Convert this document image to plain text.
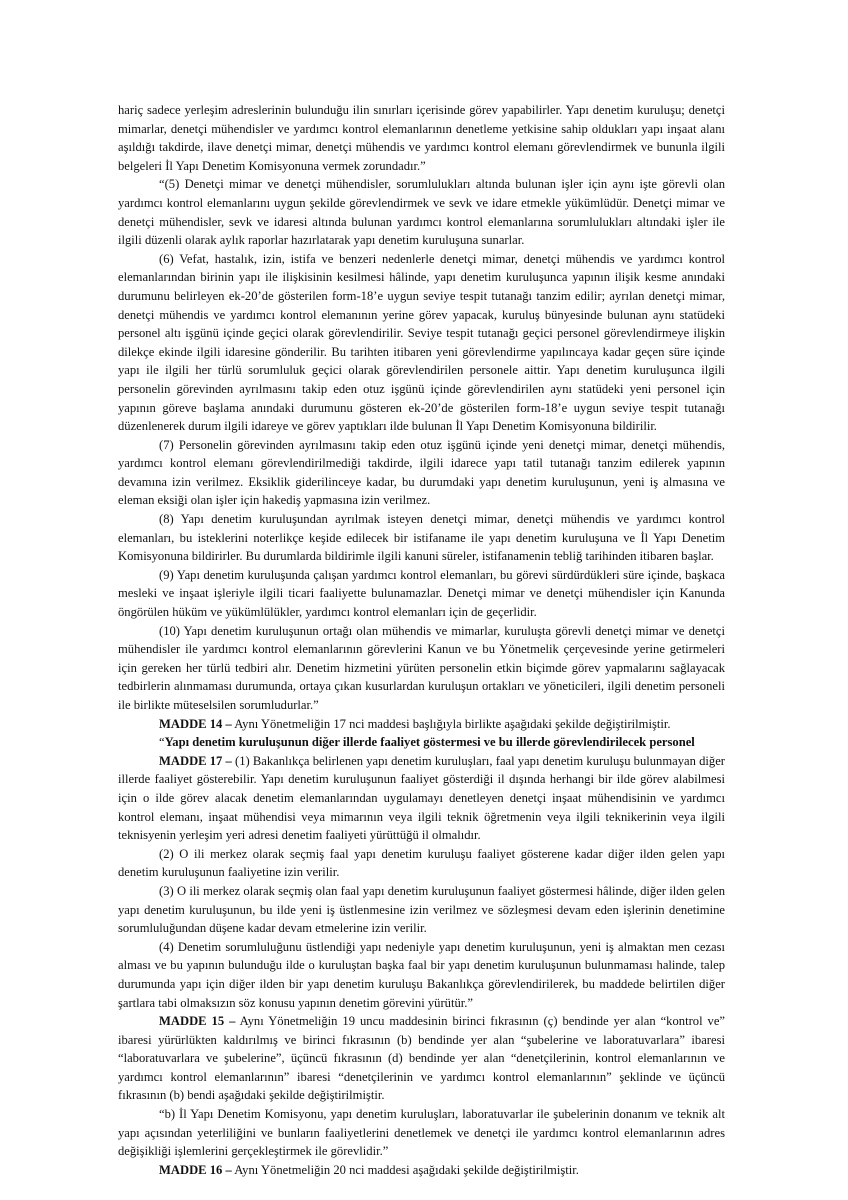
hariç sadece yerleşim adreslerinin bulunduğu ilin sınırları içerisinde görev yapabilirler. Yapı denetim kuruluşu; denetçi mimarlar, denetçi mühendisler ve yardımcı kontrol elemanlarının denetleme yetkisine sahip oldukları yapı inşaat alanı aşıldığı takdirde, ilave denetçi mimar, denetçi mühendis ve yardımcı kontrol elemanı görevlendirmek ve bununla ilgili belgeleri İl Yapı Denetim Komisyonuna vermek zorundadır.”

“(5) Denetçi mimar ve denetçi mühendisler, sorumlulukları altında bulunan işler için aynı işte görevli olan yardımcı kontrol elemanlarını uygun şekilde görevlendirmek ve sevk ve idare etmekle yükümlüdür. Denetçi mimar ve denetçi mühendisler, sevk ve idaresi altında bulunan yardımcı kontrol elemanlarına sorumlulukları altındaki işler ile ilgili düzenli olarak aylık raporlar hazırlatarak yapı denetim kuruluşuna sunarlar.

(6) Vefat, hastalık, izin, istifa ve benzeri nedenlerle denetçi mimar, denetçi mühendis ve yardımcı kontrol elemanlarından birinin yapı ile ilişkisinin kesilmesi hâlinde, yapı denetim kuruluşunca yapının ilişik kesme anındaki durumunu belirleyen ek-20’de gösterilen form-18’e uygun seviye tespit tutanağı tanzim edilir; ayrılan denetçi mimar, denetçi mühendis ve yardımcı kontrol elemanının yerine görev yapacak, kuruluş bünyesinde bulunan aynı statüdeki personel altı işgünü içinde geçici olarak görevlendirilir. Seviye tespit tutanağı geçici personel görevlendirmeye ilişkin dilekçe ekinde ilgili idaresine gönderilir. Bu tarihten itibaren yeni görevlendirme yapılıncaya kadar geçen süre içinde yapı ile ilgili her türlü sorumluluk geçici olarak görevlendirilen personele aittir. Yapı denetim kuruluşunca ilgili personelin görevinden ayrılmasını takip eden otuz işgünü içinde görevlendirilen aynı statüdeki yeni personel için yapının göreve başlama anındaki durumunu gösteren ek-20’de gösterilen form-18’e uygun seviye tespit tutanağı düzenlenerek durum ilgili idareye ve görev yaptıkları ilde bulunan İl Yapı Denetim Komisyonuna bildirilir.

(7) Personelin görevinden ayrılmasını takip eden otuz işgünü içinde yeni denetçi mimar, denetçi mühendis, yardımcı kontrol elemanı görevlendirilmediği takdirde, ilgili idarece yapı tatil tutanağı tanzim edilerek yapının devamına izin verilmez. Eksiklik giderilinceye kadar, bu durumdaki yapı denetim kuruluşunun, yeni iş almasına ve eleman eksiği olan işler için hakediş yapmasına izin verilmez.

(8) Yapı denetim kuruluşundan ayrılmak isteyen denetçi mimar, denetçi mühendis ve yardımcı kontrol elemanları, bu isteklerini noterlikçe keşide edilecek bir istifaname ile yapı denetim kuruluşuna ve İl Yapı Denetim Komisyonuna bildirirler. Bu durumlarda bildirimle ilgili kanuni süreler, istifanamenin tebliğ tarihinden itibaren başlar.

(9) Yapı denetim kuruluşunda çalışan yardımcı kontrol elemanları, bu görevi sürdürdükleri süre içinde, başkaca mesleki ve inşaat işleriyle ilgili ticari faaliyette bulunamazlar. Denetçi mimar ve denetçi mühendisler için Kanunda öngörülen hüküm ve yükümlülükler, yardımcı kontrol elemanları için de geçerlidir.

(10) Yapı denetim kuruluşunun ortağı olan mühendis ve mimarlar, kuruluşta görevli denetçi mimar ve denetçi mühendisler ile yardımcı kontrol elemanlarının görevlerini Kanun ve bu Yönetmelik çerçevesinde yerine getirmeleri için gereken her türlü tedbiri alır. Denetim hizmetini yürüten personelin etkin biçimde görev yapmalarını sağlayacak tedbirlerin alınmaması durumunda, ortaya çıkan kusurlardan kuruluşun ortakları ve yöneticileri, ilgili denetim personeli ile birlikte müteselsilen sorumludurlar.”

MADDE 14 – Aynı Yönetmeliğin 17 nci maddesi başlığıyla birlikte aşağıdaki şekilde değiştirilmiştir.

“Yapı denetim kuruluşunun diğer illerde faaliyet göstermesi ve bu illerde görevlendirilecek personel

MADDE 17 – (1) Bakanlıkça belirlenen yapı denetim kuruluşları, faal yapı denetim kuruluşu bulunmayan diğer illerde faaliyet gösterebilir. Yapı denetim kuruluşunun faaliyet gösterdiği il dışında herhangi bir ilde görev alabilmesi için o ilde görev alacak denetim elemanlarından uygulamayı denetleyen denetçi inşaat mühendisinin ve yardımcı kontrol elemanı, inşaat mühendisi veya mimarının veya ilgili teknik öğretmenin veya ilgili teknikerinin veya ilgili teknisyenin yerleşim yeri adresi denetim faaliyeti yürüttüğü il olmalıdır.

(2) O ili merkez olarak seçmiş faal yapı denetim kuruluşu faaliyet gösterene kadar diğer ilden gelen yapı denetim kuruluşunun faaliyetine izin verilir.

(3) O ili merkez olarak seçmiş olan faal yapı denetim kuruluşunun faaliyet göstermesi hâlinde, diğer ilden gelen yapı denetim kuruluşunun, bu ilde yeni iş üstlenmesine izin verilmez ve sözleşmesi devam eden işlerinin denetimine sorumluluğundan düşene kadar devam etmelerine izin verilir.

(4) Denetim sorumluluğunu üstlendiği yapı nedeniyle yapı denetim kuruluşunun, yeni iş almaktan men cezası alması ve bu yapının bulunduğu ilde o kuruluştan başka faal bir yapı denetim kuruluşunun bulunmaması halinde, talep durumunda yapı için diğer ilden bir yapı denetim kuruluşu Bakanlıkça görevlendirilerek, bu maddede belirtilen diğer şartlara tabi olmaksızın söz konusu yapının denetim görevini yürütür.”

MADDE 15 – Aynı Yönetmeliğin 19 uncu maddesinin birinci fıkrasının (ç) bendinde yer alan “kontrol ve” ibaresi yürürlükten kaldırılmış ve birinci fıkrasının (b) bendinde yer alan “şubelerine ve laboratuvarlara” ibaresi “laboratuvarlara ve şubelerine”, üçüncü fıkrasının (d) bendinde yer alan “denetçilerinin, kontrol elemanlarının ve yardımcı kontrol elemanlarının” ibaresi “denetçilerinin ve yardımcı kontrol elemanlarının” şeklinde ve üçüncü fıkrasının (b) bendi aşağıdaki şekilde değiştirilmiştir.

“b) İl Yapı Denetim Komisyonu, yapı denetim kuruluşları, laboratuvarlar ile şubelerinin donanım ve teknik alt yapı açısından yeterliliğini ve bunların faaliyetlerini denetlemek ve denetçi ile yardımcı kontrol elemanlarının adres değişikliği işlemlerini gerçekleştirmek ile görevlidir.”

MADDE 16 – Aynı Yönetmeliğin 20 nci maddesi aşağıdaki şekilde değiştirilmiştir.
